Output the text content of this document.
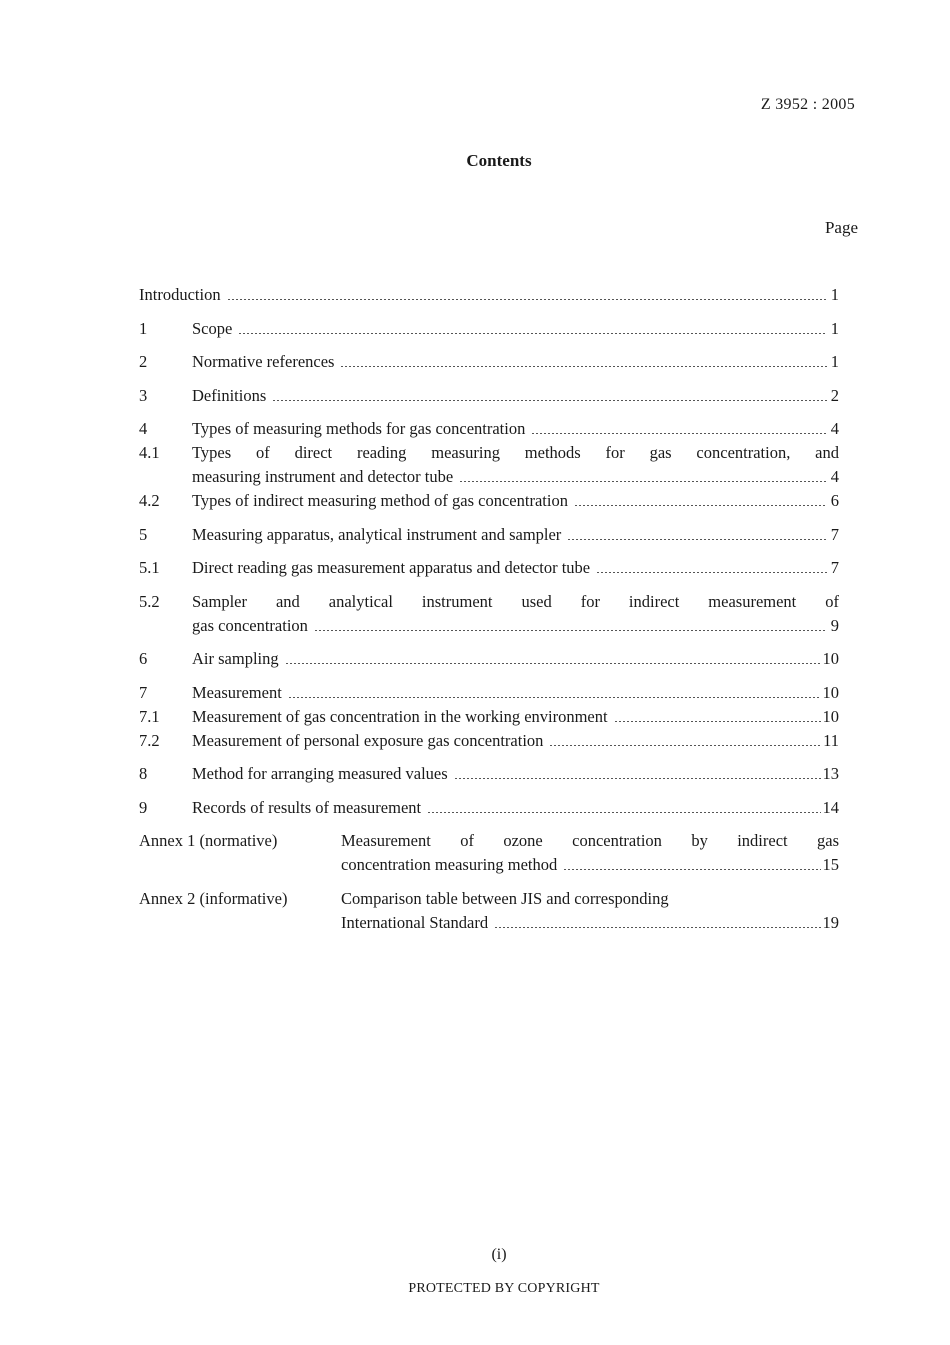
Z 3952 : 2005
Contents
Page
Introduction	1
1	Scope	1
2	Normative references	1
3	Definitions	2
4	Types of measuring methods for gas concentration	4
4.1	Types of direct reading measuring methods for gas concentration, and
measuring instrument and detector tube	4
4.2	Types of indirect measuring method of gas concentration	6
5	Measuring apparatus, analytical instrument and sampler	7
5.1	Direct reading gas measurement apparatus and detector tube	7
5.2	Sampler and analytical instrument used for indirect measurement of
gas concentration	9
6	Air sampling	10
7	Measurement	10
7.1	Measurement of gas concentration in the working environment	10
7.2	Measurement of personal exposure gas concentration	11
8	Method for arranging measured values	13
9	Records of results of measurement	14
Annex 1 (normative)	Measurement of ozone concentration by indirect gas
concentration measuring method	15
Annex 2 (informative)	Comparison table between JIS and corresponding
International Standard	19
(i)
PROTECTED BY COPYRIGHT
